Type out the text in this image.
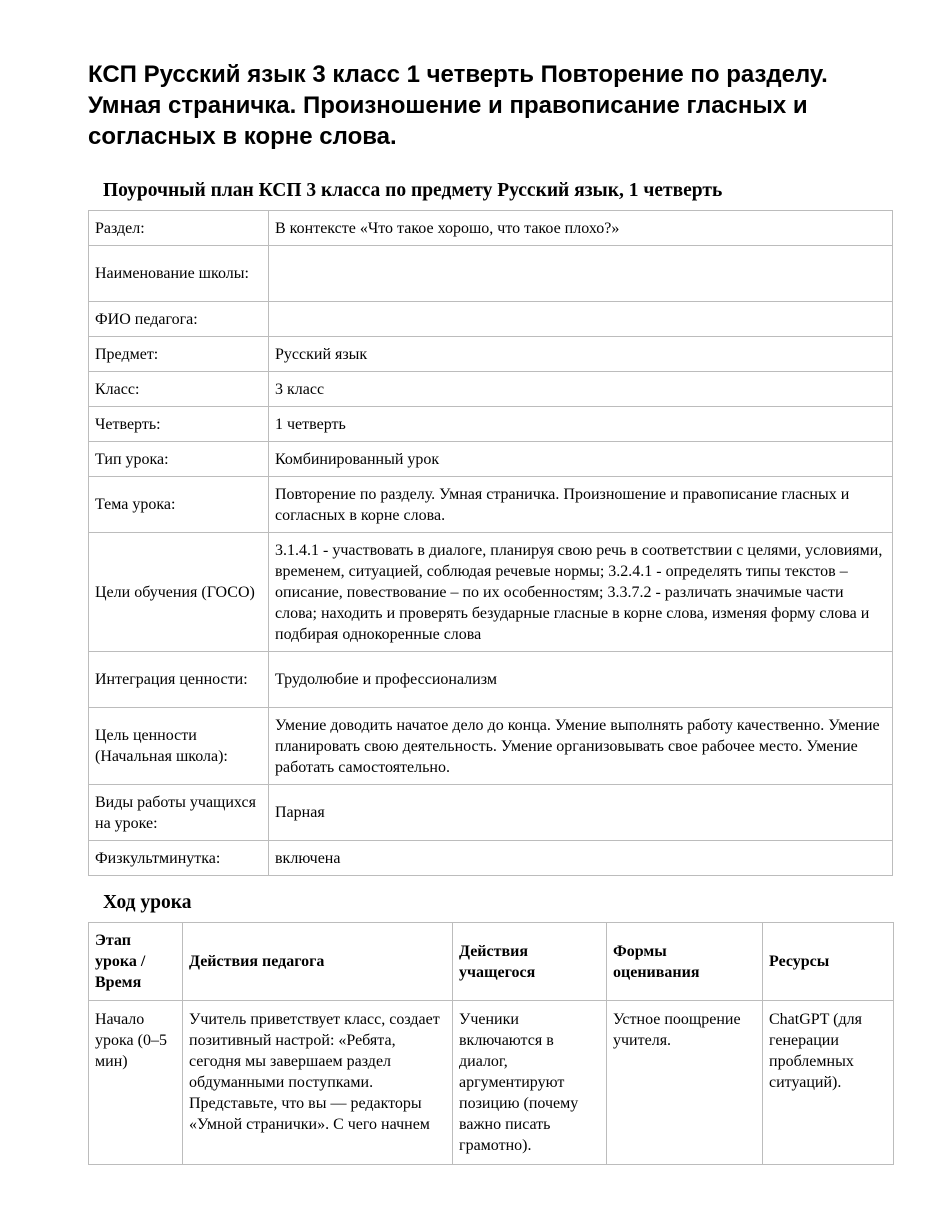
КСП Русский язык 3 класс 1 четверть Повторение по разделу. Умная страничка. Произношение и правописание гласных и согласных в корне слова.

Поурочный план КСП 3 класса по предмету Русский язык, 1 четверть

Раздел:	В контексте «Что такое хорошо, что такое плохо?»
Наименование школы:	
ФИО педагога:	
Предмет:	Русский язык
Класс:	3 класс
Четверть:	1 четверть
Тип урока:	Комбинированный урок
Тема урока:	Повторение по разделу. Умная страничка. Произношение и правописание гласных и согласных в корне слова.
Цели обучения (ГОСО)	3.1.4.1 - участвовать в диалоге, планируя свою речь в соответствии с целями, условиями, временем, ситуацией, соблюдая речевые нормы; 3.2.4.1 - определять типы текстов – описание, повествование – по их особенностям; 3.3.7.2 - различать значимые части слова; находить и проверять безударные гласные в корне слова, изменяя форму слова и подбирая однокоренные слова
Интеграция ценности:	Трудолюбие и профессионализм
Цель ценности (Начальная школа):	Умение доводить начатое дело до конца. Умение выполнять работу качественно. Умение планировать свою деятельность. Умение организовывать свое рабочее место. Умение работать самостоятельно.
Виды работы учащихся на уроке:	Парная
Физкультминутка:	включена

Ход урока

Этап урока / Время	Действия педагога	Действия учащегося	Формы оценивания	Ресурсы
Начало урока (0–5 мин)	Учитель приветствует класс, создает позитивный настрой: «Ребята, сегодня мы завершаем раздел обдуманными поступками. Представьте, что вы — редакторы «Умной странички». С чего начнем	Ученики включаются в диалог, аргументируют позицию (почему важно писать грамотно).	Устное поощрение учителя.	ChatGPT (для генерации проблемных ситуаций).
